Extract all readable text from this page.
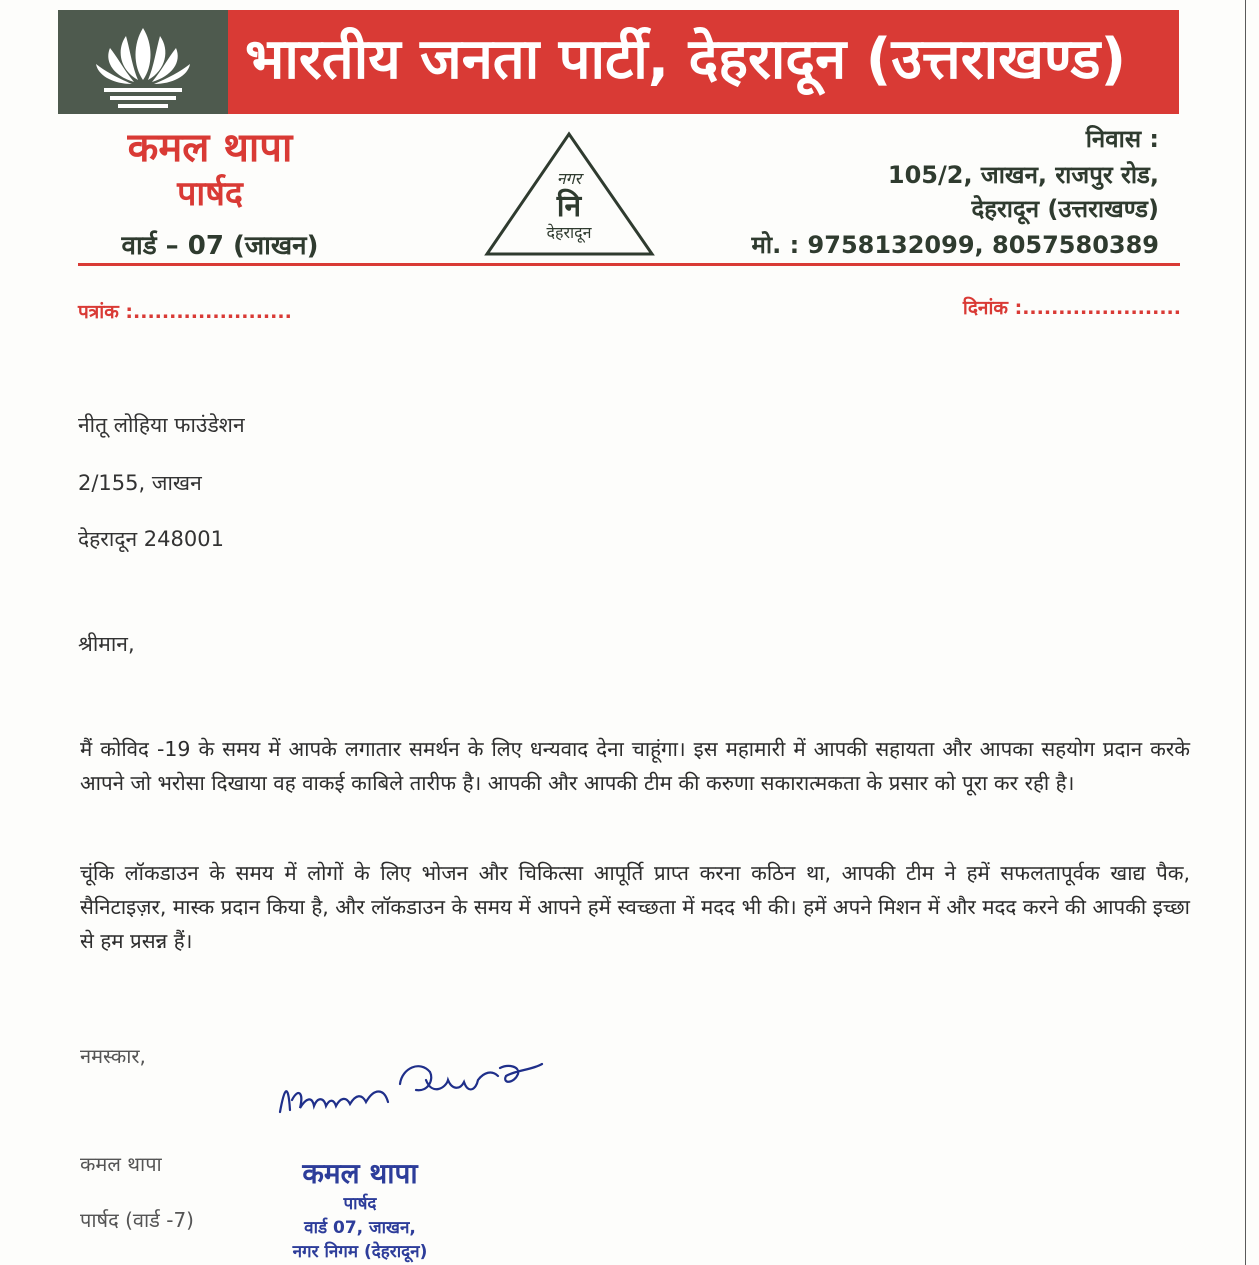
भारतीय जनता पार्टी, देहरादून (उत्तराखण्ड)
कमल थापा
पार्षद
वार्ड – 07 (जाखन)
नगर
नि
देहरादून
निवास :
105/2, जाखन, राजपुर रोड,
देहरादून (उत्तराखण्ड)
मो. : 9758132099, 8057580389
पत्रांक :......................	दिनांक :......................
नीतू लोहिया फाउंडेशन
2/155, जाखन
देहरादून 248001
श्रीमान,
मैं कोविद -19 के समय में आपके लगातार समर्थन के लिए धन्यवाद देना चाहूंगा। इस महामारी में आपकी सहायता और आपका सहयोग प्रदान करके आपने जो भरोसा दिखाया वह वाकई काबिले तारीफ है। आपकी और आपकी टीम की करुणा सकारात्मकता के प्रसार को पूरा कर रही है।
चूंकि लॉकडाउन के समय में लोगों के लिए भोजन और चिकित्सा आपूर्ति प्राप्त करना कठिन था, आपकी टीम ने हमें सफलतापूर्वक खाद्य पैक, सैनिटाइज़र, मास्क प्रदान किया है, और लॉकडाउन के समय में आपने हमें स्वच्छता में मदद भी की। हमें अपने मिशन में और मदद करने की आपकी इच्छा से हम प्रसन्न हैं।
नमस्कार,
कमल थापा
पार्षद
वार्ड 07, जाखन,
नगर निगम (देहरादून)
कमल थापा
पार्षद (वार्ड -7)
